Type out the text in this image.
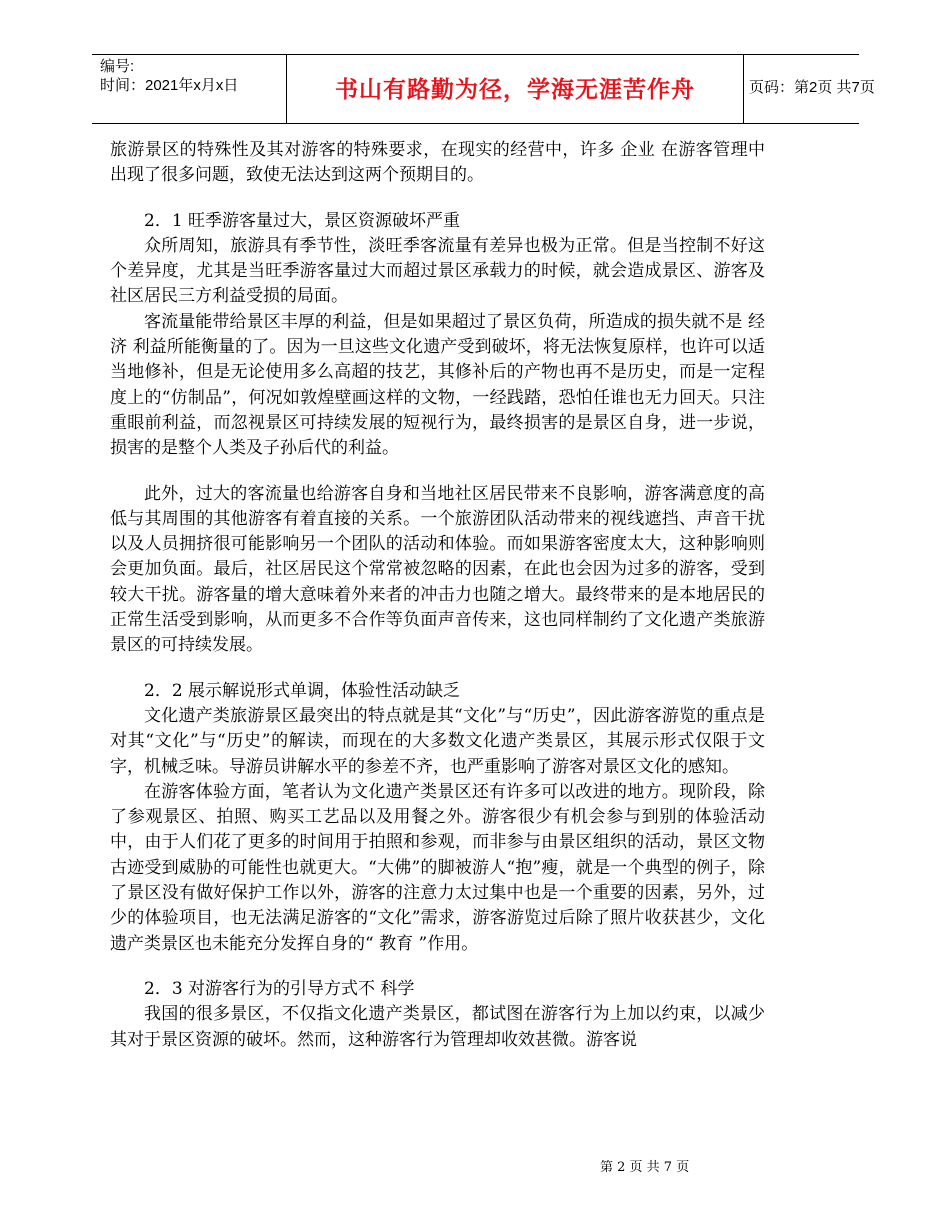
编号:
时间：2021年x月x日	书山有路勤为径，学海无涯苦作舟	页码：第2页 共7页

旅游景区的特殊性及其对游客的特殊要求，在现实的经营中，许多 企业 在游客管理中出现了很多问题，致使无法达到这两个预期目的。

2．1 旺季游客量过大，景区资源破坏严重

众所周知，旅游具有季节性，淡旺季客流量有差异也极为正常。但是当控制不好这个差异度，尤其是当旺季游客量过大而超过景区承载力的时候，就会造成景区、游客及社区居民三方利益受损的局面。

客流量能带给景区丰厚的利益，但是如果超过了景区负荷，所造成的损失就不是 经济 利益所能衡量的了。因为一旦这些文化遗产受到破坏，将无法恢复原样，也许可以适当地修补，但是无论使用多么高超的技艺，其修补后的产物也再不是历史，而是一定程度上的“仿制品”，何况如敦煌壁画这样的文物，一经践踏，恐怕任谁也无力回天。只注重眼前利益，而忽视景区可持续发展的短视行为，最终损害的是景区自身，进一步说，损害的是整个人类及子孙后代的利益。

此外，过大的客流量也给游客自身和当地社区居民带来不良影响，游客满意度的高低与其周围的其他游客有着直接的关系。一个旅游团队活动带来的视线遮挡、声音干扰以及人员拥挤很可能影响另一个团队的活动和体验。而如果游客密度太大，这种影响则会更加负面。最后，社区居民这个常常被忽略的因素，在此也会因为过多的游客，受到较大干扰。游客量的增大意味着外来者的冲击力也随之增大。最终带来的是本地居民的正常生活受到影响，从而更多不合作等负面声音传来，这也同样制约了文化遗产类旅游景区的可持续发展。

2．2 展示解说形式单调，体验性活动缺乏

文化遗产类旅游景区最突出的特点就是其“文化”与“历史”，因此游客游览的重点是对其“文化”与“历史”的解读，而现在的大多数文化遗产类景区，其展示形式仅限于文字，机械乏味。导游员讲解水平的参差不齐，也严重影响了游客对景区文化的感知。

在游客体验方面，笔者认为文化遗产类景区还有许多可以改进的地方。现阶段，除了参观景区、拍照、购买工艺品以及用餐之外。游客很少有机会参与到别的体验活动中，由于人们花了更多的时间用于拍照和参观，而非参与由景区组织的活动，景区文物古迹受到威胁的可能性也就更大。“大佛”的脚被游人“抱”瘦，就是一个典型的例子，除了景区没有做好保护工作以外，游客的注意力太过集中也是一个重要的因素，另外，过少的体验项目，也无法满足游客的“文化”需求，游客游览过后除了照片收获甚少，文化遗产类景区也未能充分发挥自身的“ 教育 ”作用。

2．3 对游客行为的引导方式不 科学

我国的很多景区，不仅指文化遗产类景区，都试图在游客行为上加以约束，以减少其对于景区资源的破坏。然而，这种游客行为管理却收效甚微。游客说

第 2 页 共 7 页
